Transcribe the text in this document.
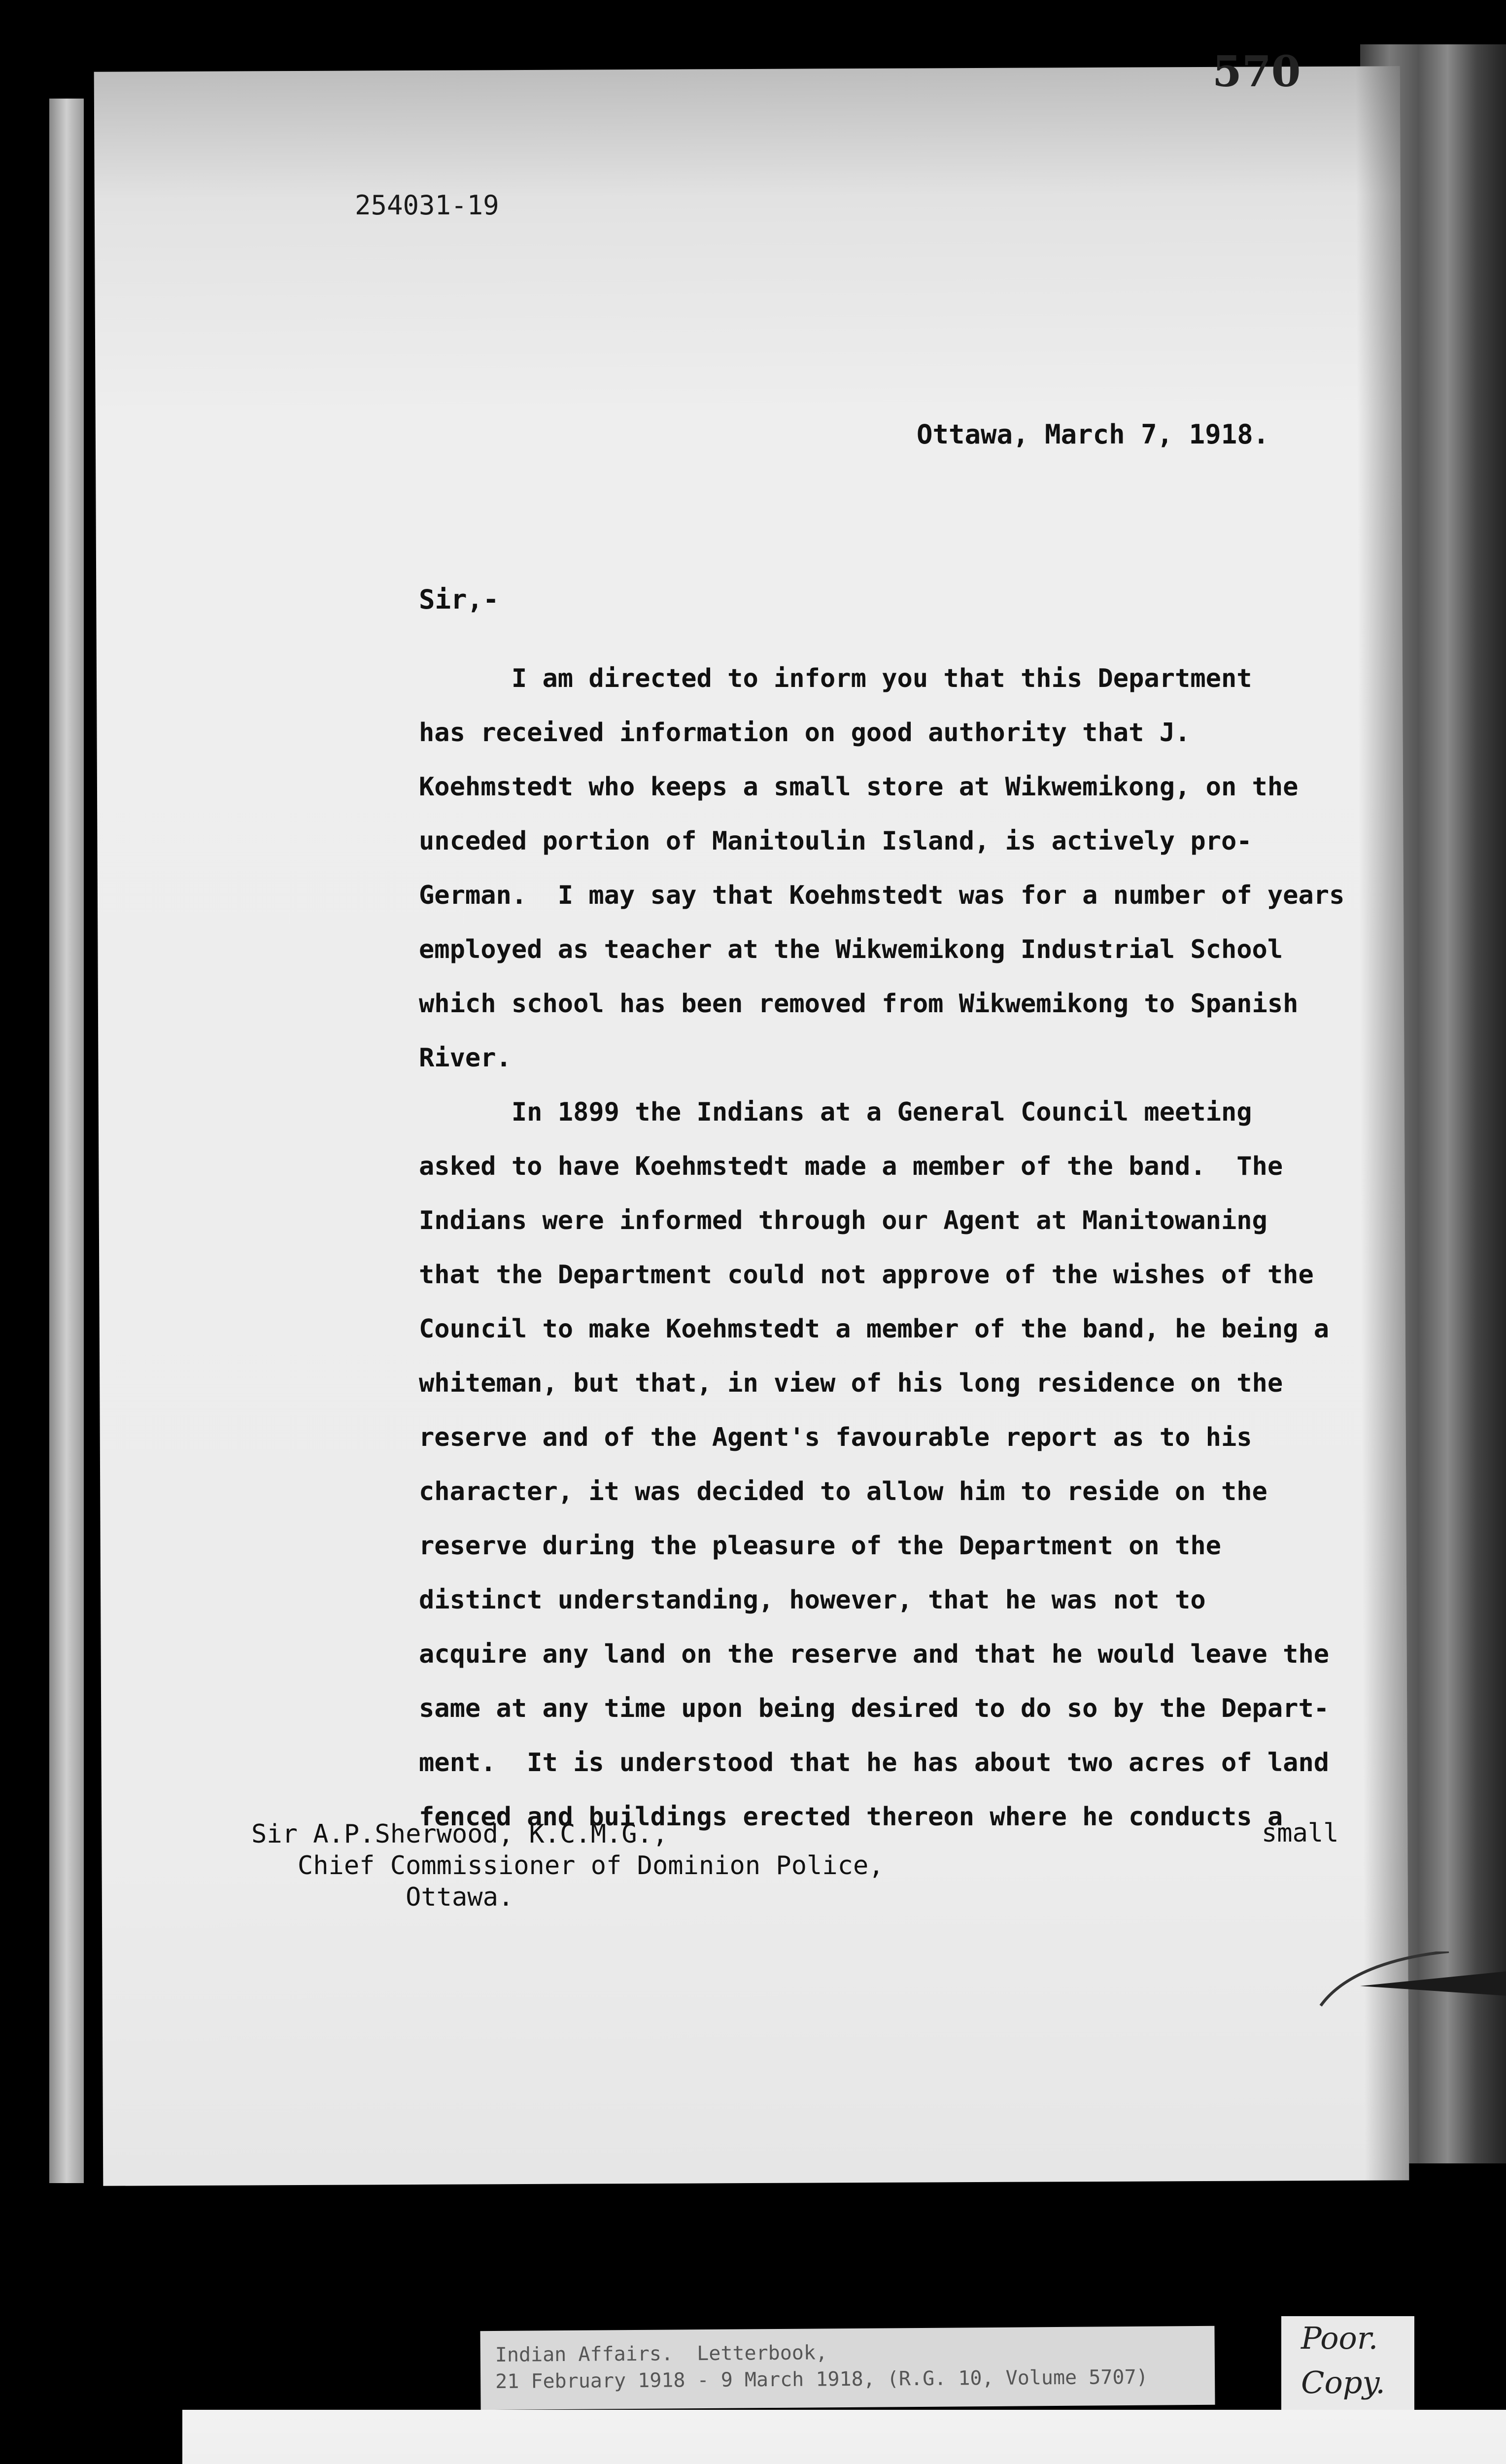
570
254031-19
Ottawa, March 7, 1918.
Sir,-
I am directed to inform you that this Department
has received information on good authority that J.
Koehmstedt who keeps a small store at Wikwemikong, on the
unceded portion of Manitoulin Island, is actively pro-
German.  I may say that Koehmstedt was for a number of years
employed as teacher at the Wikwemikong Industrial School
which school has been removed from Wikwemikong to Spanish
River.
In 1899 the Indians at a General Council meeting
asked to have Koehmstedt made a member of the band.  The
Indians were informed through our Agent at Manitowaning
that the Department could not approve of the wishes of the
Council to make Koehmstedt a member of the band, he being a
whiteman, but that, in view of his long residence on the
reserve and of the Agent's favourable report as to his
character, it was decided to allow him to reside on the
reserve during the pleasure of the Department on the
distinct understanding, however, that he was not to
acquire any land on the reserve and that he would leave the
same at any time upon being desired to do so by the Depart-
ment.  It is understood that he has about two acres of land
fenced and buildings erected thereon where he conducts a
Sir A.P.Sherwood, K.C.M.G.,
Chief Commissioner of Dominion Police,
Ottawa.
small
Indian Affairs.  Letterbook,
21 February 1918 - 9 March 1918, (R.G. 10, Volume 5707)
Poor.
Copy.
